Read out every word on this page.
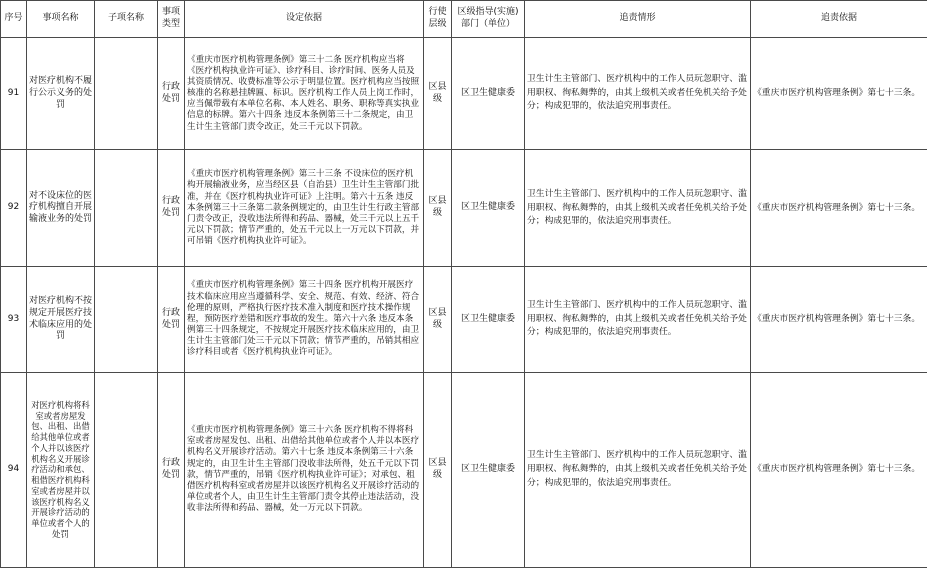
序号	事项名称	子项名称	事项类型	设定依据	行使层级	区级指导(实施)部门（单位）	追责情形	追责依据
91	对医疗机构不履行公示义务的处罚		行政处罚	《重庆市医疗机构管理条例》第三十二条 医疗机构应当将《医疗机构执业许可证》、诊疗科目、诊疗时间、医务人员及其资质情况、收费标准等公示于明显位置。医疗机构应当按照核准的名称悬挂牌匾、标识。医疗机构工作人员上岗工作时，应当佩带载有本单位名称、本人姓名、职务、职称等真实执业信息的标牌。第六十四条 违反本条例第三十二条规定，由卫生计生主管部门责令改正，处三千元以下罚款。	区县级	区卫生健康委	卫生计生主管部门、医疗机构中的工作人员玩忽职守、滥用职权、徇私舞弊的，由其上级机关或者任免机关给予处分；构成犯罪的，依法追究刑事责任。	《重庆市医疗机构管理条例》第七十三条。
92	对不设床位的医疗机构擅自开展输液业务的处罚		行政处罚	《重庆市医疗机构管理条例》第三十三条 不设床位的医疗机构开展输液业务，应当经区县（自治县）卫生计生主管部门批准，并在《医疗机构执业许可证》上注明。第六十五条 违反本条例第三十三条第二款条例规定的，由卫生计生行政主管部门责令改正，没收违法所得和药品、器械，处三千元以上五千元以下罚款；情节严重的，处五千元以上一万元以下罚款，并可吊销《医疗机构执业许可证》。	区县级	区卫生健康委	卫生计生主管部门、医疗机构中的工作人员玩忽职守、滥用职权、徇私舞弊的，由其上级机关或者任免机关给予处分；构成犯罪的，依法追究刑事责任。	《重庆市医疗机构管理条例》第七十三条。
93	对医疗机构不按规定开展医疗技术临床应用的处罚		行政处罚	《重庆市医疗机构管理条例》第三十四条 医疗机构开展医疗技术临床应用应当遵循科学、安全、规范、有效、经济、符合伦理的原则，严格执行医疗技术准入制度和医疗技术操作规程，预防医疗差错和医疗事故的发生。第六十六条 违反本条例第三十四条规定，不按规定开展医疗技术临床应用的，由卫生计生主管部门处三千元以下罚款；情节严重的，吊销其相应诊疗科目或者《医疗机构执业许可证》。	区县级	区卫生健康委	卫生计生主管部门、医疗机构中的工作人员玩忽职守、滥用职权、徇私舞弊的，由其上级机关或者任免机关给予处分；构成犯罪的，依法追究刑事责任。	《重庆市医疗机构管理条例》第七十三条。
94	对医疗机构将科室或者房屋发包、出租、出借给其他单位或者个人并以该医疗机构名义开展诊疗活动和承包、租借医疗机构科室或者房屋并以该医疗机构名义开展诊疗活动的单位或者个人的处罚		行政处罚	《重庆市医疗机构管理条例》第三十六条 医疗机构不得将科室或者房屋发包、出租、出借给其他单位或者个人并以本医疗机构名义开展诊疗活动。第六十七条 违反本条例第三十六条规定的，由卫生计生主管部门没收非法所得，处五千元以下罚款，情节严重的，吊销《医疗机构执业许可证》；对承包、租借医疗机构科室或者房屋并以该医疗机构名义开展诊疗活动的单位或者个人，由卫生计生主管部门责令其停止违法活动，没收非法所得和药品、器械，处一万元以下罚款。	区县级	区卫生健康委	卫生计生主管部门、医疗机构中的工作人员玩忽职守、滥用职权、徇私舞弊的，由其上级机关或者任免机关给予处分；构成犯罪的，依法追究刑事责任。	《重庆市医疗机构管理条例》第七十三条。
